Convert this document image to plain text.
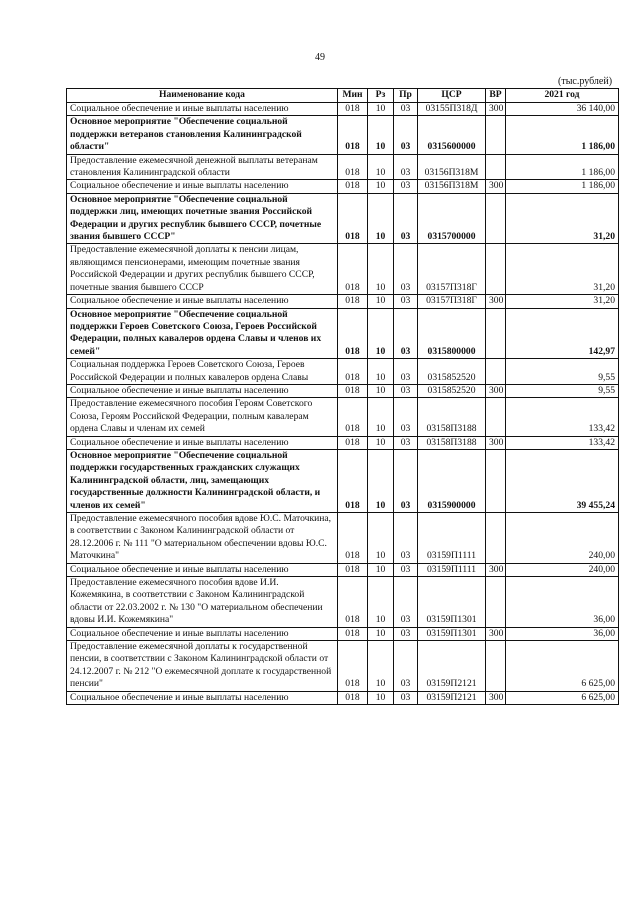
49
(тыс.рублей)
Наименование кода	Мин	Рз	Пр	ЦСР	ВР	2021 год
Социальное обеспечение и иные выплаты населению	018	10	03	03155П318Д	300	36 140,00
Основное мероприятие "Обеспечение социальной поддержки ветеранов становления Калининградской области"	018	10	03	0315600000		1 186,00
Предоставление ежемесячной денежной выплаты ветеранам становления Калининградской области	018	10	03	03156П318М		1 186,00
Социальное обеспечение и иные выплаты населению	018	10	03	03156П318М	300	1 186,00
Основное мероприятие "Обеспечение социальной поддержки лиц, имеющих почетные звания Российской Федерации и других республик бывшего СССР, почетные звания бывшего СССР"	018	10	03	0315700000		31,20
Предоставление ежемесячной доплаты к пенсии лицам, являющимся пенсионерами, имеющим почетные звания Российской Федерации и других республик бывшего СССР, почетные звания бывшего СССР	018	10	03	03157П318Г		31,20
Социальное обеспечение и иные выплаты населению	018	10	03	03157П318Г	300	31,20
Основное мероприятие "Обеспечение социальной поддержки Героев Советского Союза, Героев Российской Федерации, полных кавалеров ордена Славы и членов их семей"	018	10	03	0315800000		142,97
Социальная поддержка Героев Советского Союза, Героев Российской Федерации и полных кавалеров ордена Славы	018	10	03	0315852520		9,55
Социальное обеспечение и иные выплаты населению	018	10	03	0315852520	300	9,55
Предоставление ежемесячного пособия Героям Советского Союза, Героям Российской Федерации, полным кавалерам ордена Славы и членам их семей	018	10	03	03158П3188		133,42
Социальное обеспечение и иные выплаты населению	018	10	03	03158П3188	300	133,42
Основное мероприятие "Обеспечение социальной поддержки государственных гражданских служащих Калининградской области, лиц, замещающих государственные должности Калининградской области, и членов их семей"	018	10	03	0315900000		39 455,24
Предоставление ежемесячного пособия вдове Ю.С. Маточкина, в соответствии с Законом Калининградской области от 28.12.2006 г. № 111 "О материальном обеспечении вдовы Ю.С. Маточкина"	018	10	03	03159П1111		240,00
Социальное обеспечение и иные выплаты населению	018	10	03	03159П1111	300	240,00
Предоставление ежемесячного пособия вдове И.И. Кожемякина, в соответствии с Законом Калининградской области от 22.03.2002 г. № 130 "О материальном обеспечении вдовы И.И. Кожемякина"	018	10	03	03159П1301		36,00
Социальное обеспечение и иные выплаты населению	018	10	03	03159П1301	300	36,00
Предоставление ежемесячной доплаты к государственной пенсии, в соответствии с Законом Калининградской области от 24.12.2007 г. № 212 "О ежемесячной доплате к государственной пенсии"	018	10	03	03159П2121		6 625,00
Социальное обеспечение и иные выплаты населению	018	10	03	03159П2121	300	6 625,00
